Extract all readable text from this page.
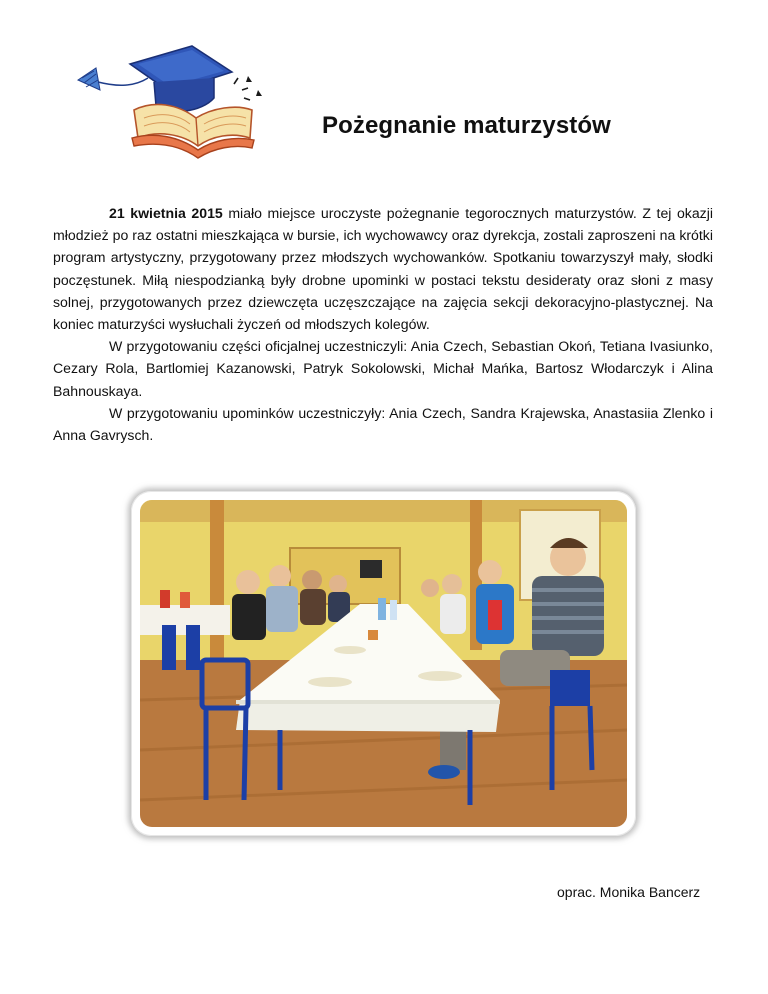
Pożegnanie maturzystów

21 kwietnia 2015 miało miejsce uroczyste pożegnanie tegorocznych maturzystów. Z tej okazji młodzież po raz ostatni mieszkająca w bursie, ich wychowawcy oraz dyrekcja, zostali zaproszeni na krótki program artystyczny, przygotowany przez młodszych wychowanków. Spotkaniu towarzyszył mały, słodki poczęstunek. Miłą niespodzianką były drobne upominki w postaci tekstu desideraty oraz słoni z masy solnej, przygotowanych przez dziewczęta uczęszczające na zajęcia sekcji dekoracyjno-plastycznej. Na koniec maturzyści wysłuchali życzeń od młodszych kolegów.

W przygotowaniu części oficjalnej uczestniczyli: Ania Czech, Sebastian Okoń, Tetiana Ivasiunko, Cezary Rola, Bartlomiej Kazanowski, Patryk Sokolowski, Michał Mańka, Bartosz Włodarczyk i Alina Bahnouskaya.

W przygotowaniu upominków uczestniczyły: Ania Czech, Sandra Krajewska, Anastasiia Zlenko i Anna Gavrysch.

oprac. Monika Bancerz
